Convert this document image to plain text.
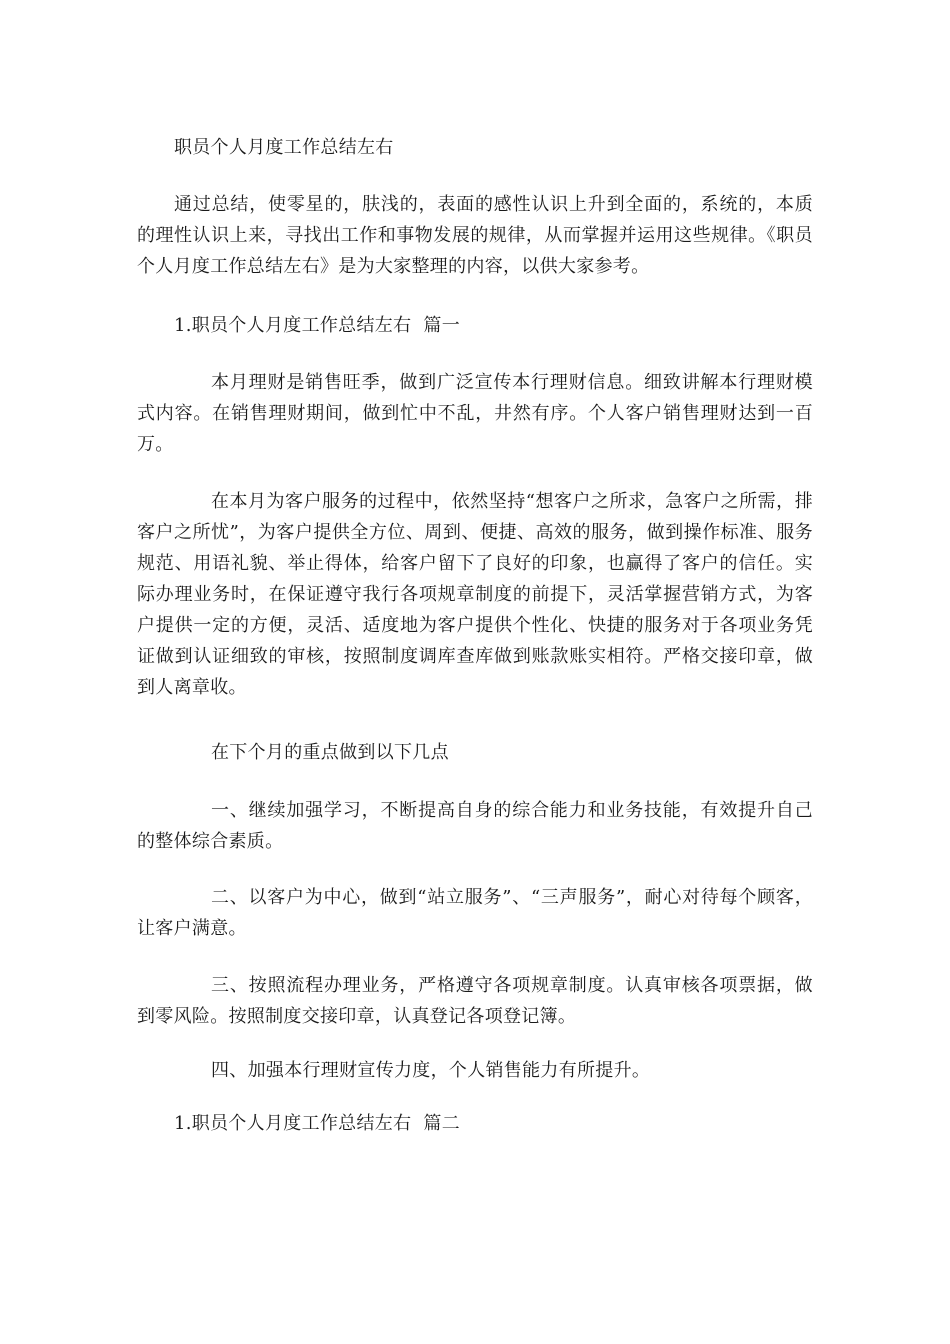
职员个人月度工作总结左右
通过总结，使零星的，肤浅的，表面的感性认识上升到全面的，系统的，本质的理性认识上来，寻找出工作和事物发展的规律，从而掌握并运用这些规律。《职员个人月度工作总结左右》是为大家整理的内容，以供大家参考。
1.职员个人月度工作总结左右  篇一
本月理财是销售旺季，做到广泛宣传本行理财信息。细致讲解本行理财模式内容。在销售理财期间，做到忙中不乱，井然有序。个人客户销售理财达到一百万。
在本月为客户服务的过程中，依然坚持“想客户之所求，急客户之所需，排客户之所忧”，为客户提供全方位、周到、便捷、高效的服务，做到操作标准、服务规范、用语礼貌、举止得体，给客户留下了良好的印象，也赢得了客户的信任。实际办理业务时，在保证遵守我行各项规章制度的前提下，灵活掌握营销方式，为客户提供一定的方便，灵活、适度地为客户提供个性化、快捷的服务对于各项业务凭证做到认证细致的审核，按照制度调库查库做到账款账实相符。严格交接印章，做到人离章收。
在下个月的重点做到以下几点
一、继续加强学习，不断提高自身的综合能力和业务技能，有效提升自己的整体综合素质。
二、以客户为中心，做到“站立服务”、“三声服务”，耐心对待每个顾客，让客户满意。
三、按照流程办理业务，严格遵守各项规章制度。认真审核各项票据，做到零风险。按照制度交接印章，认真登记各项登记簿。
四、加强本行理财宣传力度，个人销售能力有所提升。
1.职员个人月度工作总结左右  篇二
